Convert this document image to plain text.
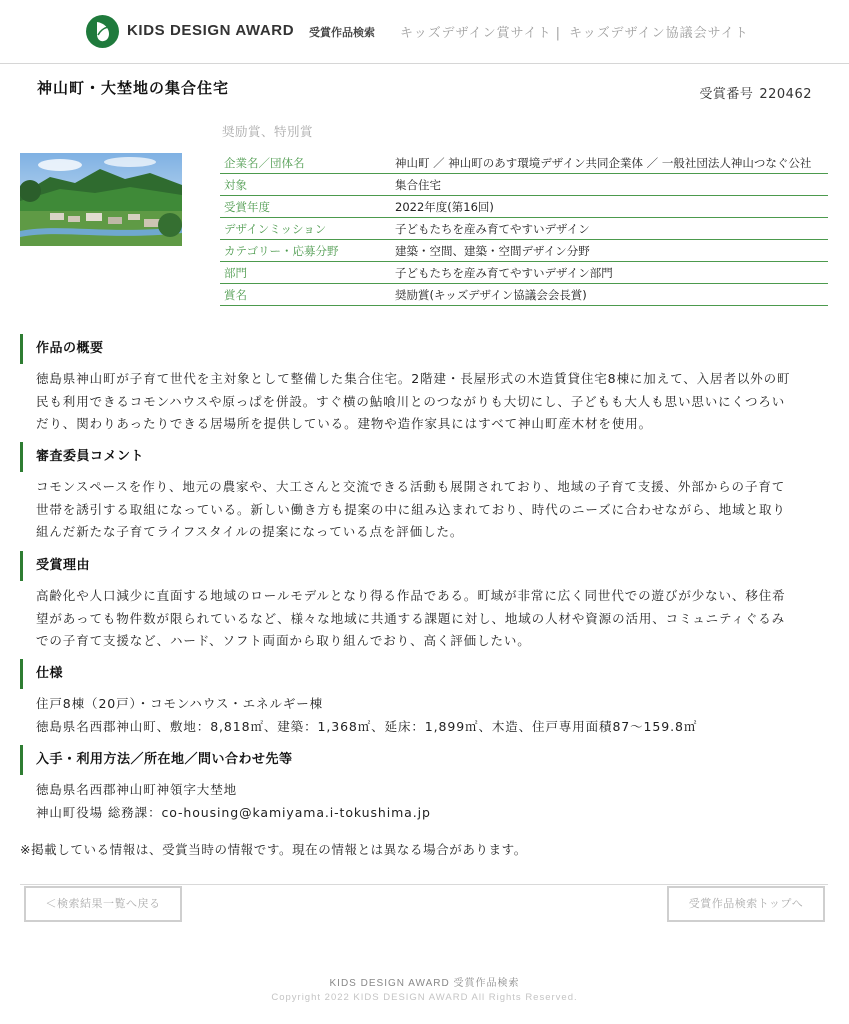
KIDS DESIGN AWARD 受賞作品検索 キッズデザイン賞サイト | キッズデザイン協議会サイト
神山町・大埜地の集合住宅	受賞番号 220462
奨励賞、特別賞
企業名／団体名	神山町 ／ 神山町のあす環境デザイン共同企業体 ／ 一般社団法人神山つなぐ公社
対象	集合住宅
受賞年度	2022年度(第16回)
デザインミッション	子どもたちを産み育てやすいデザイン
カテゴリー・応募分野	建築・空間、建築・空間デザイン分野
部門	子どもたちを産み育てやすいデザイン部門
賞名	奨励賞(キッズデザイン協議会会長賞)
作品の概要
徳島県神山町が子育て世代を主対象として整備した集合住宅。2階建・長屋形式の木造賃貸住宅8棟に加えて、入居者以外の町
民も利用できるコモンハウスや原っぱを併設。すぐ横の鮎喰川とのつながりも大切にし、子どもも大人も思い思いにくつろい
だり、関わりあったりできる居場所を提供している。建物や造作家具にはすべて神山町産木材を使用。
審査委員コメント
コモンスペースを作り、地元の農家や、大工さんと交流できる活動も展開されており、地域の子育て支援、外部からの子育て
世帯を誘引する取組になっている。新しい働き方も提案の中に組み込まれており、時代のニーズに合わせながら、地域と取り
組んだ新たな子育てライフスタイルの提案になっている点を評価した。
受賞理由
高齢化や人口減少に直面する地域のロールモデルとなり得る作品である。町域が非常に広く同世代での遊びが少ない、移住希
望があっても物件数が限られているなど、様々な地域に共通する課題に対し、地域の人材や資源の活用、コミュニティぐるみ
での子育て支援など、ハード、ソフト両面から取り組んでおり、高く評価したい。
仕様
住戸8棟（20戸）・コモンハウス・エネルギー棟
徳島県名西郡神山町、敷地：8,818㎡、建築：1,368㎡、延床：1,899㎡、木造、住戸専用面積87～159.8㎡
入手・利用方法／所在地／問い合わせ先等
徳島県名西郡神山町神領字大埜地
神山町役場 総務課：co-housing@kamiyama.i-tokushima.jp
※掲載している情報は、受賞当時の情報です。現在の情報とは異なる場合があります。
＜検索結果一覧へ戻る	受賞作品検索トップへ
KIDS DESIGN AWARD 受賞作品検索
Copyright 2022 KIDS DESIGN AWARD All Rights Reserved.
